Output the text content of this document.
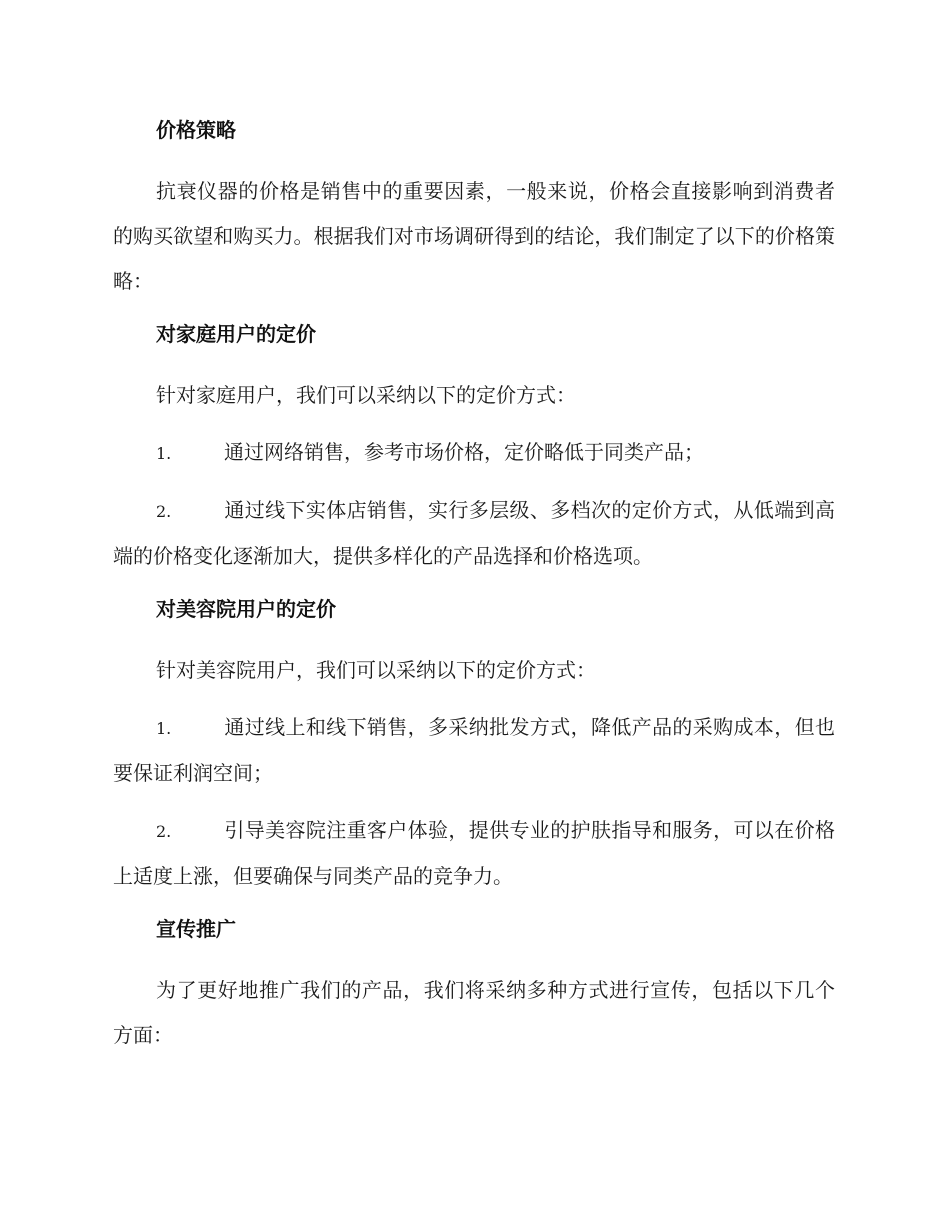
价格策略

抗衰仪器的价格是销售中的重要因素，一般来说，价格会直接影响到消费者的购买欲望和购买力。根据我们对市场调研得到的结论，我们制定了以下的价格策略：

对家庭用户的定价

针对家庭用户，我们可以采纳以下的定价方式：

1.	通过网络销售，参考市场价格，定价略低于同类产品；

2.	通过线下实体店销售，实行多层级、多档次的定价方式，从低端到高端的价格变化逐渐加大，提供多样化的产品选择和价格选项。

对美容院用户的定价

针对美容院用户，我们可以采纳以下的定价方式：

1.	通过线上和线下销售，多采纳批发方式，降低产品的采购成本，但也要保证利润空间；

2.	引导美容院注重客户体验，提供专业的护肤指导和服务，可以在价格上适度上涨，但要确保与同类产品的竞争力。

宣传推广

为了更好地推广我们的产品，我们将采纳多种方式进行宣传，包括以下几个方面：
